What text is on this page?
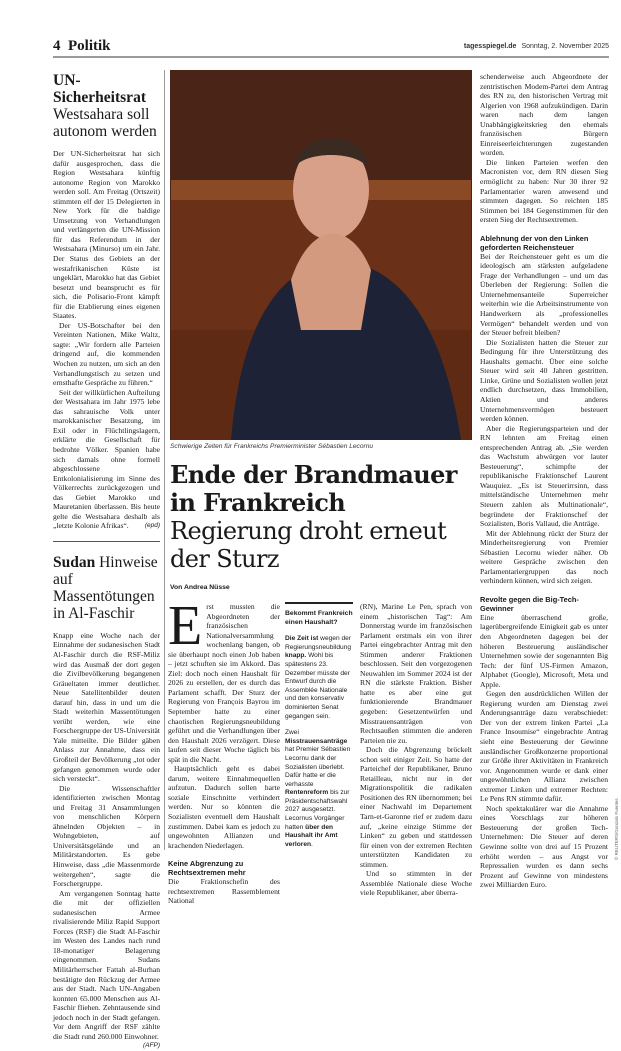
4 Politik	tagesspiegel.de Sonntag, 2. November 2025
UN-Sicherheitsrat
Westsahara soll autonom werden

Der UN-Sicherheitsrat hat sich dafür ausgesprochen, dass die Region Westsahara künftig autonome Region von Marokko werden soll. Am Freitag (Ortszeit) stimmten elf der 15 Delegierten in New York für die baldige Umsetzung von Verhandlungen und verlängerten die UN-Mission für das Referendum in der Westsahara (Minurso) um ein Jahr. Der Status des Gebiets an der westafrikanischen Küste ist ungeklärt, Marokko hat das Gebiet besetzt und beansprucht es für sich, die Polisario-Front kämpft für die Etablierung eines eigenen Staates.

Der US-Botschafter bei den Vereinten Nationen, Mike Waltz, sagte: „Wir fordern alle Parteien dringend auf, die kommenden Wochen zu nutzen, um sich an den Verhandlungstisch zu setzen und ernsthafte Gespräche zu führen.“

Seit der willkürlichen Aufteilung der Westsahara im Jahr 1975 lebe das sahrauische Volk unter marokkanischer Besatzung, im Exil oder in Flüchtlingslagern, erklärte die Gesellschaft für bedrohte Völker. Spanien habe sich damals ohne formell abgeschlossene Entkolonialisierung im Sinne des Völkerrechts zurückgezogen und das Gebiet Marokko und Mauretanien überlassen. Bis heute gelte die Westsahara deshalb als „letzte Kolonie Afrikas“.	(epd)

Sudan Hinweise auf Massentötungen in Al-Faschir

Knapp eine Woche nach der Einnahme der sudanesischen Stadt Al-Faschir durch die RSF-Miliz wird das Ausmaß der dort gegen die Zivilbevölkerung begangenen Gräueltaten immer deutlicher. Neue Satellitenbilder deuten darauf hin, dass in und um die Stadt weiterhin Massentötungen verübt werden, wie eine Forschergruppe der US-Universität Yale mitteilte. Die Bilder gäben Anlass zur Annahme, dass ein Großteil der Bevölkerung „tot oder gefangen genommen wurde oder sich versteckt“.

Die Wissenschaftler identifizierten zwischen Montag und Freitag 31 Ansammlungen von menschlichen Körpern ähnelnden Objekten – in Wohngebieten, auf Universitätsgelände und an Militärstandorten. Es gebe Hinweise, dass „die Massenmorde weitergehen“, sagte die Forschergruppe.

Am vergangenen Sonntag hatte die mit der offiziellen sudanesischen Armee rivalisierende Miliz Rapid Support Forces (RSF) die Stadt Al-Faschir im Westen des Landes nach rund 18-monatiger Belagerung eingenommen. Sudans Militärherrscher Fattah al-Burhan bestätigte den Rückzug der Armee aus der Stadt. Nach UN-Angaben konnten 65.000 Menschen aus Al-Faschir fliehen. Zehntausende sind jedoch noch in der Stadt gefangen. Vor dem Angriff der RSF zählte die Stadt rund 260.000 Einwohner.
(AFP)

Schwierige Zeiten für Frankreichs Premierminister Sébastien Lecornu
Ende der Brandmauer in Frankreich Regierung droht erneut der Sturz
Von Andrea Nüsse
E rst mussten die Abgeordneten der französischen Nationalversammlung wochenlang bangen, ob sie überhaupt noch einen Job haben – jetzt schuften sie im Akkord. Das Ziel: doch noch einen Haushalt für 2026 zu erstellen, der es durch das Parlament schafft. Der Sturz der Regierung von François Bayrou im September hatte zu einer chaotischen Regierungsneubildung geführt und die Verhandlungen über den Haushalt 2026 verzögert. Diese laufen seit dieser Woche täglich bis spät in die Nacht.

Hauptsächlich geht es dabei darum, weitere Einnahmequellen aufzutun. Dadurch sollen harte soziale Einschnitte verhindert werden. Nur so könnten die Sozialisten eventuell dem Haushalt zustimmen. Dabei kam es jedoch zu ungewohnten Allianzen und krachenden Niederlagen.

Keine Abgrenzung zu Rechtsextremen mehr

Die Fraktionschefin des rechtsextremen Rassemblement National

Bekommt Frankreich einen Haushalt?

Die Zeit ist wegen der Regierungsneubildung knapp. Wohl bis spätestens 23. Dezember müsste der Entwurf durch die Assemblée Nationale und den konservativ dominierten Senat gegangen sein.

Zwei Misstrauensanträge hat Premier Sébastien Lecornu dank der Sozialisten überlebt. Dafür hatte er die verhasste Rentenreform bis zur Präsidentschaftswahl 2027 ausgesetzt. Lecornus Vorgänger hatten über den Haushalt ihr Amt verloren.

(RN), Marine Le Pen, sprach von einem „historischen Tag“: Am Donnerstag wurde im französischen Parlament erstmals ein von ihrer Partei eingebrachter Antrag mit den Stimmen anderer Fraktionen beschlossen. Seit den vorgezogenen Neuwahlen im Sommer 2024 ist der RN die stärkste Fraktion. Bisher hatte es aber eine gut funktionierende Brandmauer gegeben: Gesetzentwürfen und Misstrauensanträgen von Rechtsaußen stimmten die anderen Parteien nie zu.

Doch die Abgrenzung bröckelt schon seit einiger Zeit. So hatte der Parteichef der Republikaner, Bruno Retailleau, nicht nur in der Migrationspolitik die radikalen Positionen des RN übernommen; bei einer Nachwahl im Departement Tarn-et-Garonne rief er zudem dazu auf, „keine einzige Stimme der Linken“ zu geben und stattdessen für einen von der extremen Rechten unterstützten Kandidaten zu stimmen.

Und so stimmten in der Assemblée Nationale diese Woche viele Republikaner, aber überra-

schenderweise auch Abgeordnete der zentristischen Modem-Partei dem Antrag des RN zu, den historischen Vertrag mit Algerien von 1968 aufzukündigen. Darin waren nach dem langen Unabhängigkeitskrieg den ehemals französischen Bürgern Einreiseerleichterungen zugestanden worden.

Die linken Parteien werfen den Macronisten vor, dem RN diesen Sieg ermöglicht zu haben: Nur 30 ihrer 92 Parlamentarier waren anwesend und stimmten dagegen. So reichten 185 Stimmen bei 184 Gegenstimmen für den ersten Sieg der Rechtsextremen.

Ablehnung der von den Linken geforderten Reichensteuer

Bei der Reichensteuer geht es um die ideologisch am stärksten aufgeladene Frage der Verhandlungen – und um das Überleben der Regierung: Sollen die Unternehmensanteile Superreicher weiterhin wie die Arbeitsinstrumente von Handwerkern als „professionelles Vermögen“ behandelt werden und von der Steuer befreit bleiben?

Die Sozialisten hatten die Steuer zur Bedingung für ihre Unterstützung des Haushalts gemacht. Über eine solche Steuer wird seit 40 Jahren gestritten. Linke, Grüne und Sozialisten wollen jetzt endlich durchsetzen, dass Immobilien, Aktien und anderes Unternehmensvermögen besteuert werden können.

Aber die Regierungsparteien und der RN lehnten am Freitag einen entsprechenden Antrag ab. „Sie werden das Wachstum abwürgen vor lauter Besteuerung“, schimpfte der republikanische Fraktionschef Laurent Wauquiez. „Es ist Steuerirrsinn, dass mittelständische Unternehmen mehr Steuern zahlen als Multinationale“, begründete der Fraktionschef der Sozialisten, Boris Vallaud, die Anträge.

Mit der Ablehnung rückt der Sturz der Minderheitsregierung von Premier Sébastien Lecornu wieder näher. Ob weitere Gespräche zwischen den Parlamentariergruppen das noch verhindern können, wird sich zeigen.

Revolte gegen die Big-Tech-Gewinner

Eine überraschend große, lagerübergreifende Einigkeit gab es unter den Abgeordneten dagegen bei der höheren Besteuerung ausländischer Unternehmen sowie der sogenannten Big Tech: der fünf US-Firmen Amazon, Alphabet (Google), Microsoft, Meta und Apple.

Gegen den ausdrücklichen Willen der Regierung wurden am Dienstag zwei Änderungsanträge dazu verabschiedet: Der von der extrem linken Partei „La France Insoumise“ eingebrachte Antrag sieht eine Besteuerung der Gewinne ausländischer Großkonzerne proportional zur Größe ihrer Aktivitäten in Frankreich vor. Angenommen wurde er dank einer ungewöhnlichen Allianz zwischen extremer Linken und extremer Rechten: Le Pens RN stimmte dafür.

Noch spektakulärer war die Annahme eines Vorschlags zur höheren Besteuerung der großen Tech-Unternehmen: Die Steuer auf deren Gewinne sollte von drei auf 15 Prozent erhöht werden – aus Angst vor Repressalien wurden es dann sechs Prozent auf Gewinne von mindestens zwei Milliarden Euro.

© REUTERS/Gonzalo Fuentes
